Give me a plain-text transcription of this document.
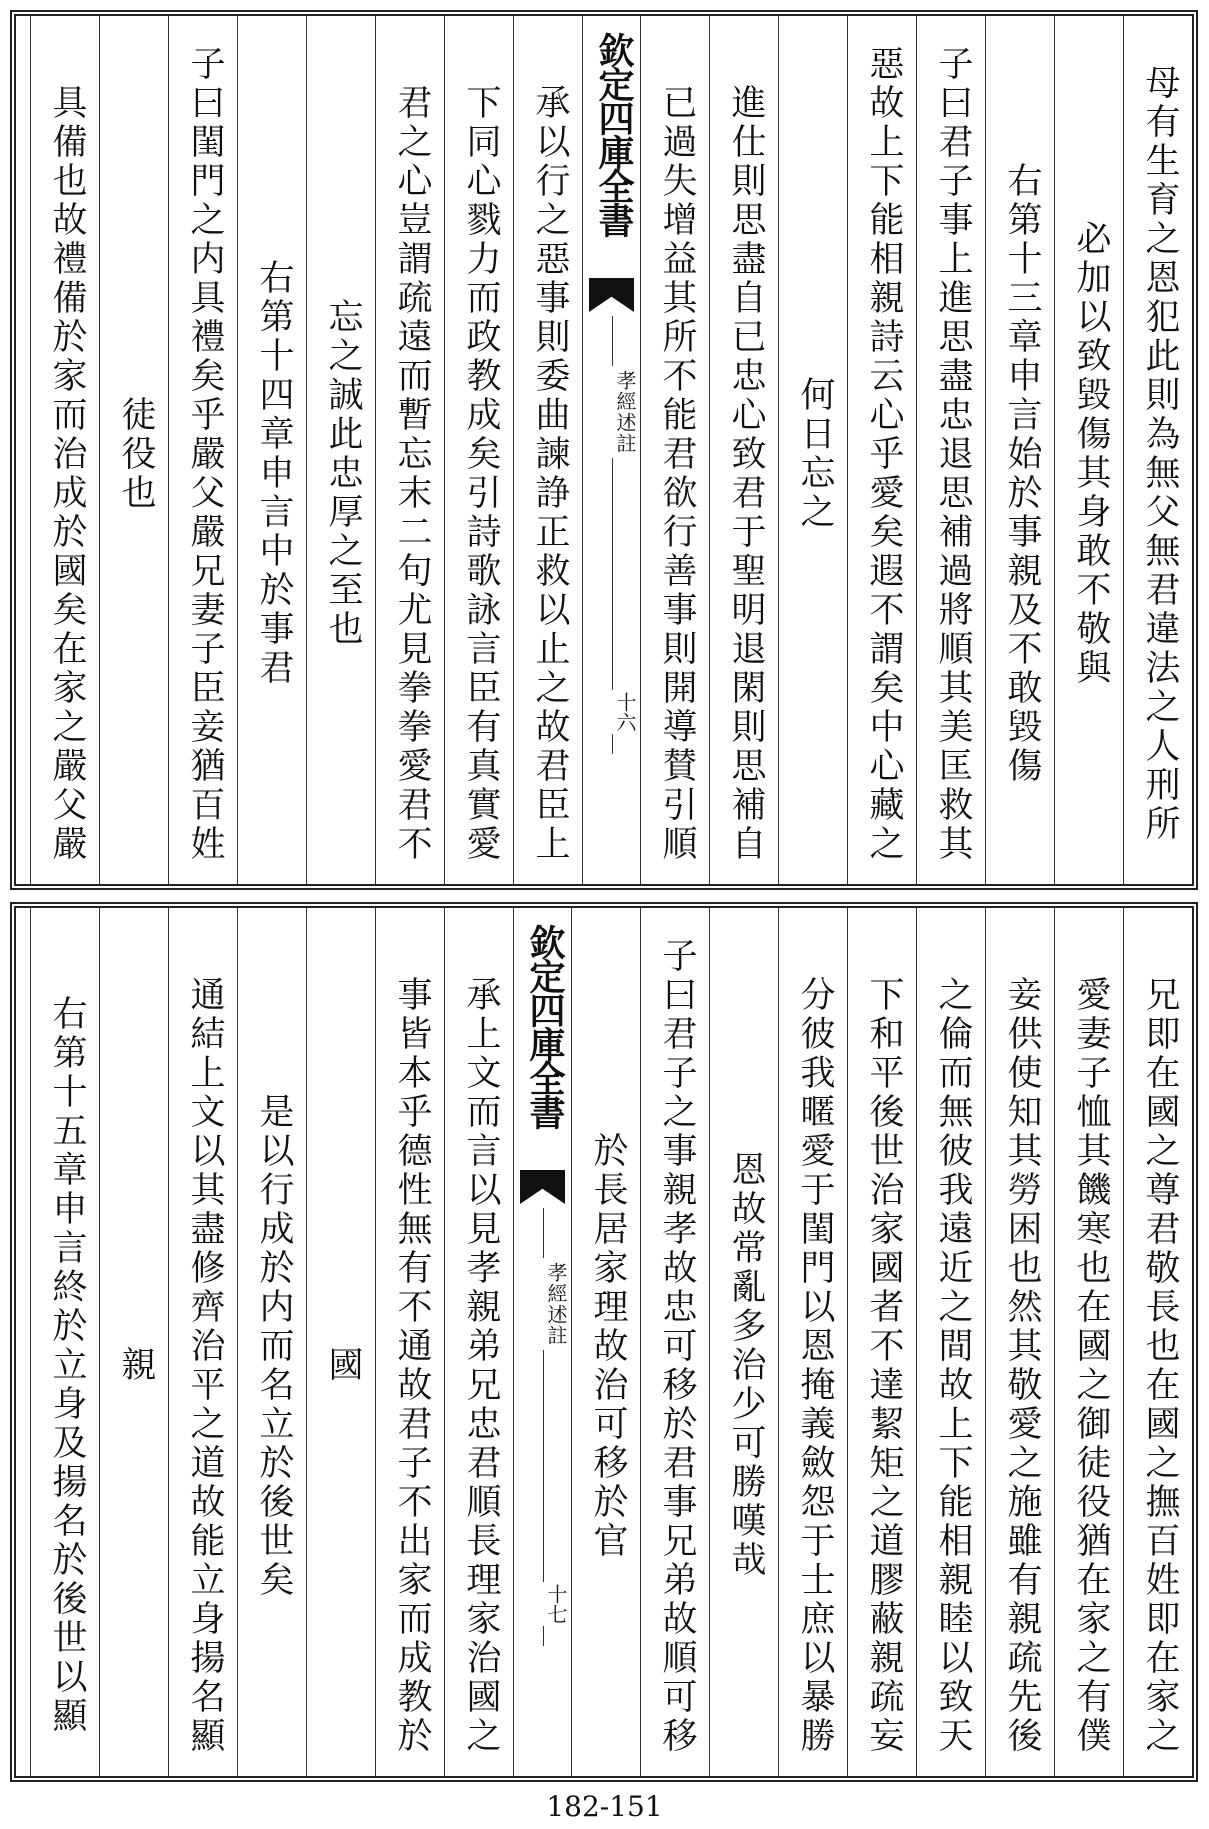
母有生育之恩犯此則為無父無君違法之人刑所
必加以致毀傷其身敢不敬與
　右第十三章申言始於事親及不敢毀傷
子曰君子事上進思盡忠退思補過將順其美匡救其
惡故上下能相親詩云心乎愛矣遐不謂矣中心藏之
何日忘之
　進仕則思盡自已忠心致君于聖明退閑則思補自
　已過失增益其所不能君欲行善事則開導賛引順
欽定四庫全書
孝經述註
十六
　承以行之惡事則委曲諫諍正救以止之故君臣上
　下同心戮力而政教成矣引詩歌詠言臣有真實愛
　君之心豈謂疏遠而暫忘末二句尤見拳拳愛君不
　忘之誠此忠厚之至也
　右第十四章申言中於事君
子曰閨門之内具禮矣乎嚴父嚴兄妻子臣妾猶百姓
徒役也
　具備也故禮備於家而治成於國矣在家之嚴父嚴
　兄即在國之尊君敬長也在國之撫百姓即在家之
　愛妻子恤其饑寒也在國之御徒役猶在家之有僕
　妾供使知其勞困也然其敬愛之施雖有親疏先後
　之倫而無彼我遠近之間故上下能相親睦以致天
　下和平後世治家國者不達絜矩之道膠蔽親疏妄
　分彼我暱愛于閨門以恩掩義斂怨于士庶以暴勝
　恩故常亂多治少可勝嘆哉
子曰君子之事親孝故忠可移於君事兄弟故順可移
於長居家理故治可移於官
欽定四庫全書
孝經述註
十七
　承上文而言以見孝親弟兄忠君順長理家治國之
　事皆本乎德性無有不通故君子不出家而成教於
　國
是以行成於内而名立於後世矣
　通結上文以其盡修齊治平之道故能立身揚名顯
　親
　右第十五章申言終於立身及揚名於後世以顯
182-151
